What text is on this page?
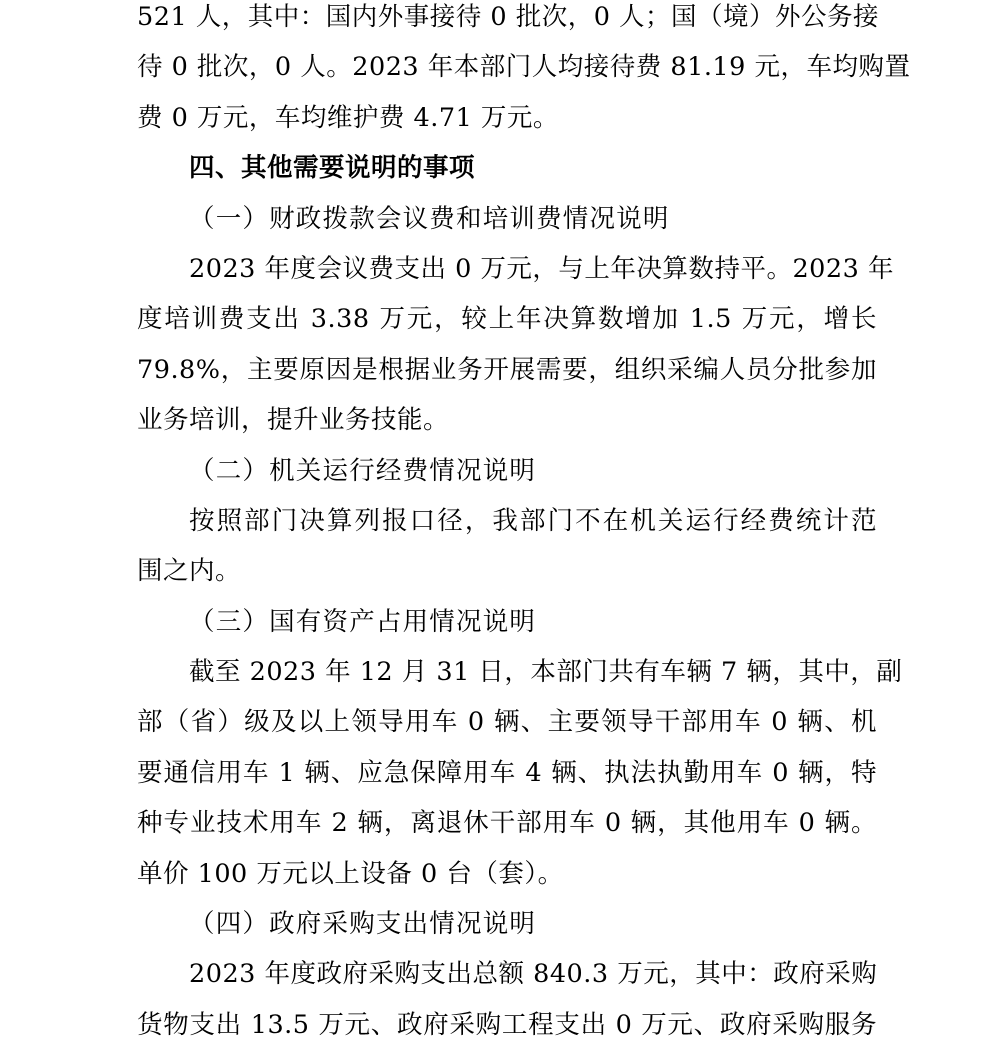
521 人，其中：国内外事接待 0 批次，0 人；国（境）外公务接
待 0 批次，0 人。2023 年本部门人均接待费 81.19 元，车均购置
费 0 万元，车均维护费 4.71 万元。
四、其他需要说明的事项
（一）财政拨款会议费和培训费情况说明
2023 年度会议费支出 0 万元，与上年决算数持平。2023 年
度培训费支出 3.38 万元，较上年决算数增加 1.5 万元，增长
79.8%，主要原因是根据业务开展需要，组织采编人员分批参加
业务培训，提升业务技能。
（二）机关运行经费情况说明
按照部门决算列报口径，我部门不在机关运行经费统计范
围之内。
（三）国有资产占用情况说明
截至 2023 年 12 月 31 日，本部门共有车辆 7 辆，其中，副
部（省）级及以上领导用车 0 辆、主要领导干部用车 0 辆、机
要通信用车 1 辆、应急保障用车 4 辆、执法执勤用车 0 辆，特
种专业技术用车 2 辆，离退休干部用车 0 辆，其他用车 0 辆。
单价 100 万元以上设备 0 台（套）。
（四）政府采购支出情况说明
2023 年度政府采购支出总额 840.3 万元，其中：政府采购
货物支出 13.5 万元、政府采购工程支出 0 万元、政府采购服务
